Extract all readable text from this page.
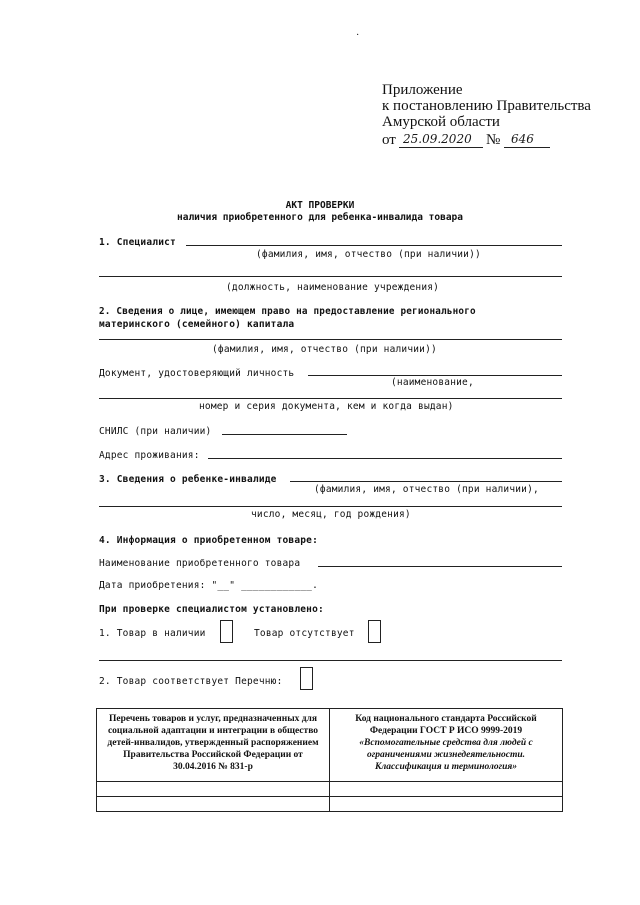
·
Приложение
к постановлению Правительства
Амурской области
от 25.09.2020 № 646
АКТ ПРОВЕРКИ
наличия приобретенного для ребенка-инвалида товара
1. Специалист
(фамилия, имя, отчество (при наличии))
(должность, наименование учреждения)
2. Сведения о лице, имеющем право на предоставление регионального
материнского (семейного) капитала
(фамилия, имя, отчество (при наличии))
Документ, удостоверяющий личность
(наименование,
номер и серия документа, кем и когда выдан)
СНИЛС (при наличии)
Адрес проживания:
3. Сведения о ребенке-инвалиде
(фамилия, имя, отчество (при наличии),
число, месяц, год рождения)
4. Информация о приобретенном товаре:
Наименование приобретенного товара
Дата приобретения: "__" ____________.
При проверке специалистом установлено:
1. Товар в наличии	Товар отсутствует
2. Товар соответствует Перечню:
Перечень товаров и услуг, предназначенных для социальной адаптации и интеграции в общество детей-инвалидов, утвержденный распоряжением Правительства Российской Федерации от 30.04.2016 № 831-р	Код национального стандарта Российской Федерации ГОСТ Р ИСО 9999-2019
«Вспомогательные средства для людей с ограничениями жизнедеятельности. Классификация и терминология»
